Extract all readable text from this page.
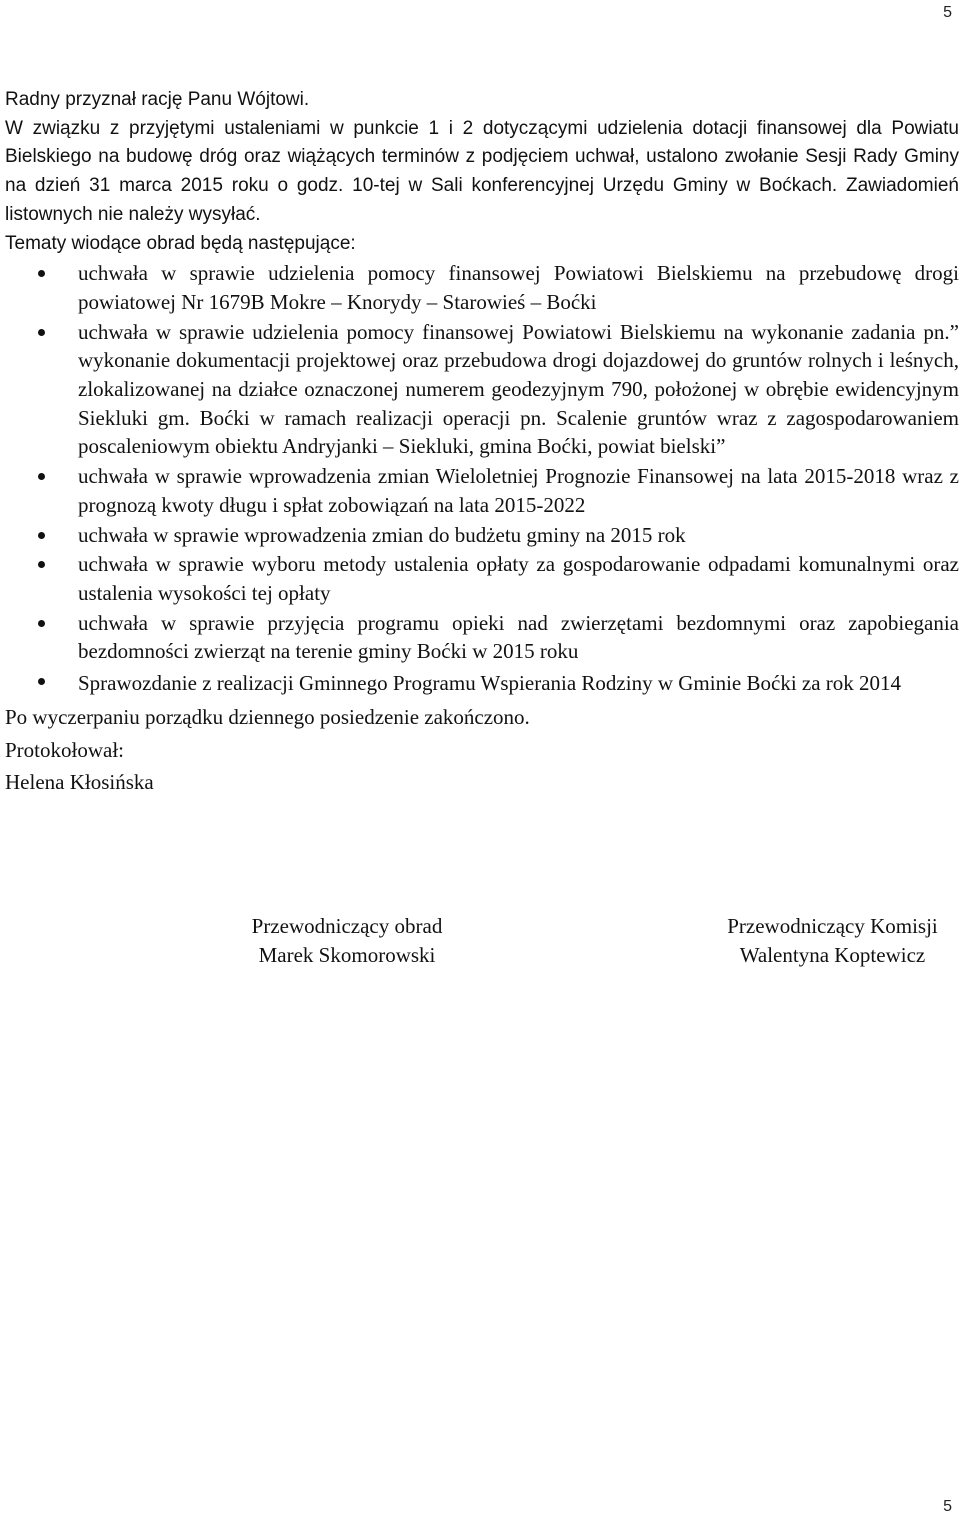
5

Radny przyznał rację Panu Wójtowi.

W związku z przyjętymi ustaleniami w punkcie 1 i 2 dotyczącymi udzielenia dotacji finansowej dla Powiatu Bielskiego na budowę dróg oraz wiążących terminów z podjęciem uchwał, ustalono zwołanie Sesji Rady Gminy na dzień 31 marca 2015 roku o godz. 10-tej w Sali konferencyjnej Urzędu Gminy w Boćkach. Zawiadomień listownych nie należy wysyłać.

Tematy wiodące obrad będą następujące:

uchwała w sprawie udzielenia pomocy finansowej Powiatowi Bielskiemu na przebudowę drogi powiatowej Nr 1679B Mokre – Knorydy – Starowieś – Boćki
uchwała w sprawie udzielenia pomocy finansowej Powiatowi Bielskiemu na wykonanie zadania pn.” wykonanie dokumentacji projektowej oraz przebudowa drogi dojazdowej do gruntów rolnych i leśnych, zlokalizowanej na działce oznaczonej numerem geodezyjnym 790, położonej w obrębie ewidencyjnym Siekluki gm. Boćki w ramach realizacji operacji pn. Scalenie gruntów wraz z zagospodarowaniem poscaleniowym obiektu Andryjanki – Siekluki, gmina Boćki, powiat bielski”
uchwała w sprawie wprowadzenia zmian Wieloletniej Prognozie Finansowej na lata 2015-2018 wraz z prognozą kwoty długu i spłat zobowiązań na lata 2015-2022
uchwała w sprawie wprowadzenia zmian do budżetu gminy na 2015 rok
uchwała w sprawie wyboru metody ustalenia opłaty za gospodarowanie odpadami komunalnymi oraz ustalenia wysokości tej opłaty
uchwała w sprawie przyjęcia programu opieki nad zwierzętami bezdomnymi oraz zapobiegania bezdomności zwierząt na terenie gminy Boćki w 2015 roku
Sprawozdanie z realizacji Gminnego Programu Wspierania Rodziny w Gminie Boćki za rok 2014

Po wyczerpaniu porządku dziennego posiedzenie zakończono.

Protokołował:

Helena Kłosińska

Przewodniczący obrad
Marek Skomorowski
Przewodniczący Komisji
Walentyna Koptewicz
5
